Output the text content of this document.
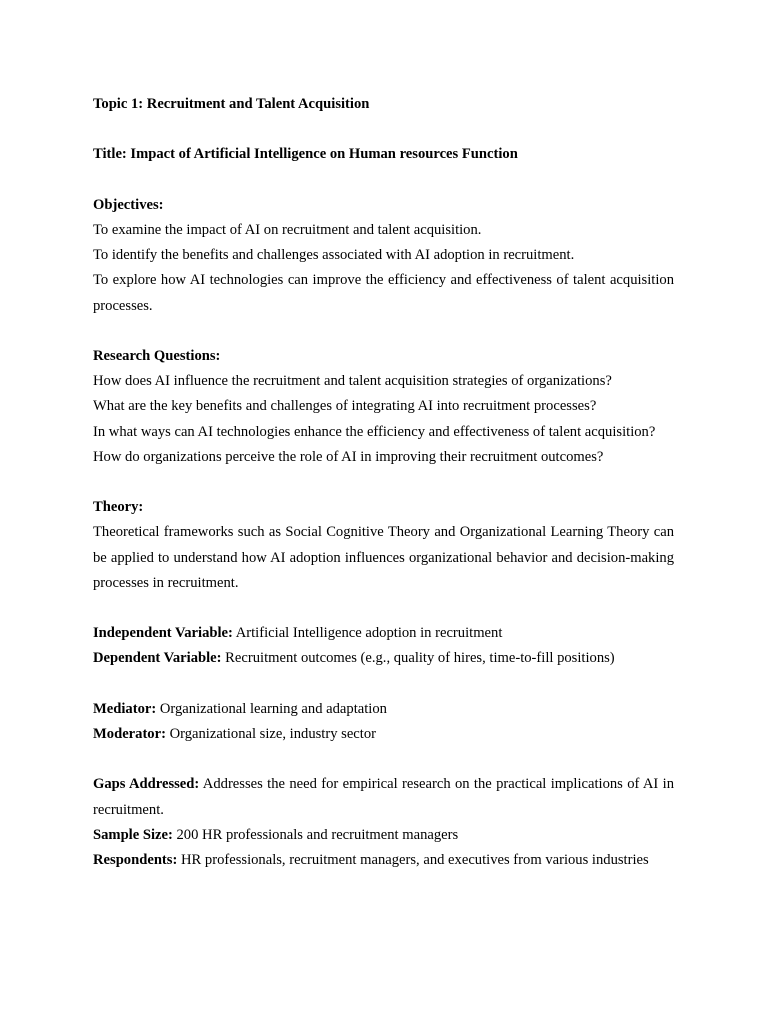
Topic 1: Recruitment and Talent Acquisition

Title: Impact of Artificial Intelligence on Human resources Function

Objectives:

To examine the impact of AI on recruitment and talent acquisition.

To identify the benefits and challenges associated with AI adoption in recruitment.

To explore how AI technologies can improve the efficiency and effectiveness of talent acquisition processes.

Research Questions:

How does AI influence the recruitment and talent acquisition strategies of organizations?

What are the key benefits and challenges of integrating AI into recruitment processes?

In what ways can AI technologies enhance the efficiency and effectiveness of talent acquisition?

How do organizations perceive the role of AI in improving their recruitment outcomes?

Theory:

Theoretical frameworks such as Social Cognitive Theory and Organizational Learning Theory can be applied to understand how AI adoption influences organizational behavior and decision-making processes in recruitment.

Independent Variable: Artificial Intelligence adoption in recruitment

Dependent Variable: Recruitment outcomes (e.g., quality of hires, time-to-fill positions)

Mediator: Organizational learning and adaptation

Moderator: Organizational size, industry sector

Gaps Addressed: Addresses the need for empirical research on the practical implications of AI in recruitment.

Sample Size: 200 HR professionals and recruitment managers

Respondents: HR professionals, recruitment managers, and executives from various industries
